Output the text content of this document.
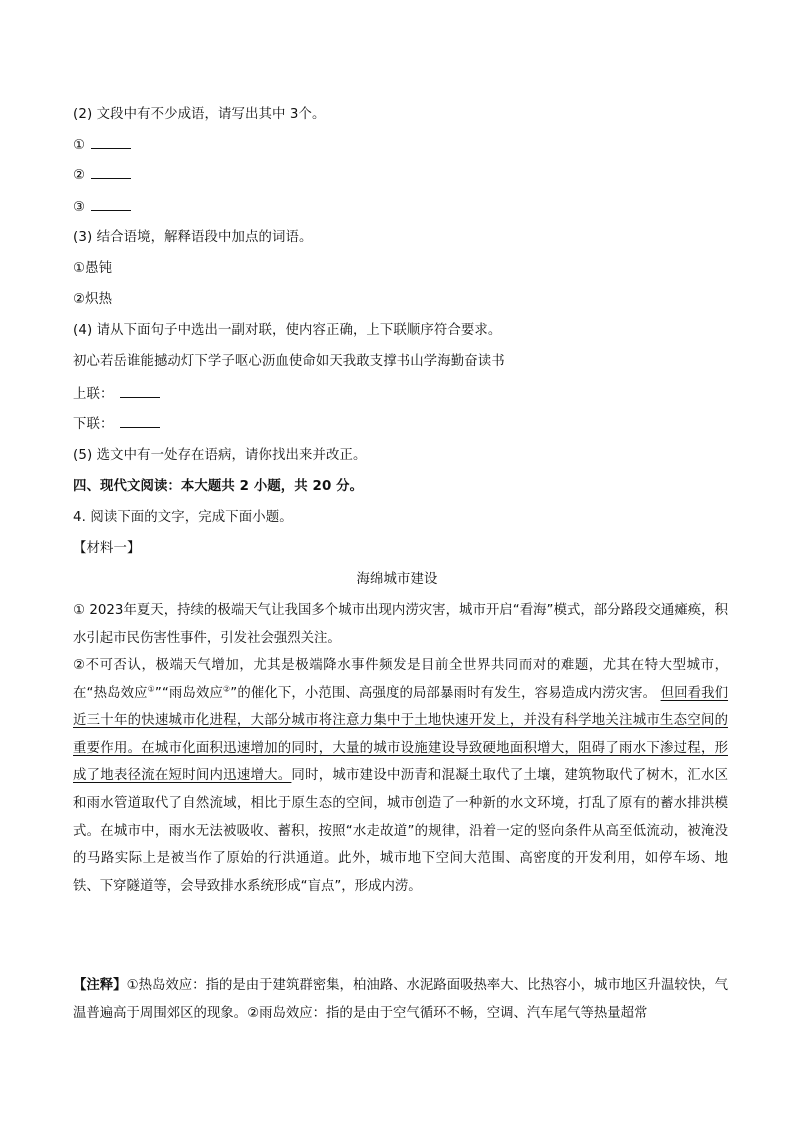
(2) 文段中有不少成语，请写出其中 3个。
①
②
③
(3) 结合语境，解释语段中加点的词语。
①愚钝
②炽热
(4) 请从下面句子中选出一副对联，使内容正确，上下联顺序符合要求。
初心若岳谁能撼动灯下学子呕心沥血使命如天我敢支撑书山学海勤奋读书
上联：
下联：
(5) 选文中有一处存在语病，请你找出来并改正。
四、现代文阅读：本大题共 2 小题，共 20 分。
4. 阅读下面的文字，完成下面小题。
【材料一】
海绵城市建设
① 2023年夏天，持续的极端天气让我国多个城市出现内涝灾害，城市开启“看海”模式，部分路段交通瘫痪，积水引起市民伤害性事件，引发社会强烈关注。
②不可否认，极端天气增加，尤其是极端降水事件频发是目前全世界共同而对的难题，尤其在特大型城市，在“热岛效应①”“雨岛效应②”的催化下，小范围、高强度的局部暴雨时有发生，容易造成内涝灾害。 但回看我们近三十年的快速城市化进程，大部分城市将注意力集中于土地快速开发上，并没有科学地关注城市生态空间的重要作用。在城市化面积迅速增加的同时，大量的城市设施建设导致硬地面积增大，阻碍了雨水下渗过程，形成了地表径流在短时间内迅速增大。同时，城市建设中沥青和混凝土取代了土壤，建筑物取代了树木，汇水区和雨水管道取代了自然流域，相比于原生态的空间，城市创造了一种新的水文环境，打乱了原有的蓄水排洪模式。在城市中，雨水无法被吸收、蓄积，按照“水走故道”的规律，沿着一定的竖向条件从高至低流动，被淹没的马路实际上是被当作了原始的行洪通道。此外，城市地下空间大范围、高密度的开发利用，如停车场、地铁、下穿隧道等，会导致排水系统形成“盲点”，形成内涝。
【注释】①热岛效应：指的是由于建筑群密集，柏油路、水泥路面吸热率大、比热容小，城市地区升温较快，气温普遍高于周围郊区的现象。②雨岛效应：指的是由于空气循环不畅，空调、汽车尾气等热量超常
